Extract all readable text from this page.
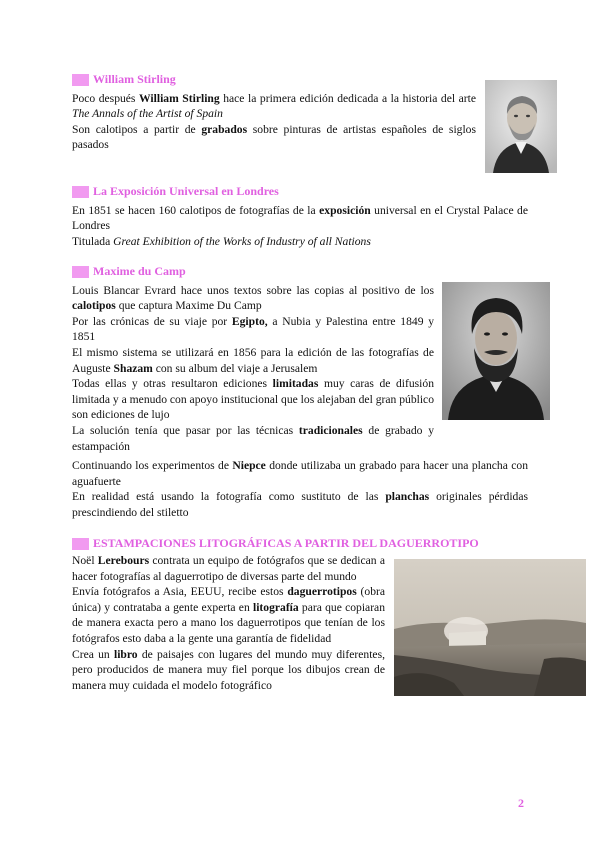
William Stirling

Poco después William Stirling hace la primera edición dedicada a la historia del arte The Annals of the Artist of Spain

Son calotipos a partir de grabados sobre pinturas de artistas españoles de siglos pasados

La Exposición Universal en Londres

En 1851 se hacen 160 calotipos de fotografías de la exposición universal en el Crystal Palace de Londres

Titulada Great Exhibition of the Works of Industry of all Nations

Maxime du Camp

Louis Blancar Evrard hace unos textos sobre las copias al positivo de los calotipos que captura Maxime Du Camp

Por las crónicas de su viaje por Egipto, a Nubia y Palestina entre 1849 y 1851

El mismo sistema se utilizará en 1856 para la edición de las fotografías de Auguste Shazam con su album del viaje a Jerusalem

Todas ellas y otras resultaron ediciones limitadas muy caras de difusión limitada y a menudo con apoyo institucional que los alejaban del gran público son ediciones de lujo

La solución tenía que pasar por las técnicas tradicionales de grabado y estampación

Continuando los experimentos de Niepce donde utilizaba un grabado para hacer una plancha con aguafuerte

En realidad está usando la fotografía como sustituto de las planchas originales pérdidas prescindiendo del stiletto

ESTAMPACIONES LITOGRÁFICAS A PARTIR DEL DAGUERROTIPO

Noël Lerebours contrata un equipo de fotógrafos que se dedican a hacer fotografías al daguerrotipo de diversas parte del mundo

Envía fotógrafos a Asia, EEUU, recibe estos daguerrotipos (obra única) y contrataba a gente experta en litografía para que copiaran de manera exacta pero a mano los daguerrotipos que tenían de los fotógrafos esto daba a la gente una garantía de fidelidad

Crea un libro de paisajes con lugares del mundo muy diferentes, pero producidos de manera muy fiel porque los dibujos crean de manera muy cuidada el modelo fotográfico

2
